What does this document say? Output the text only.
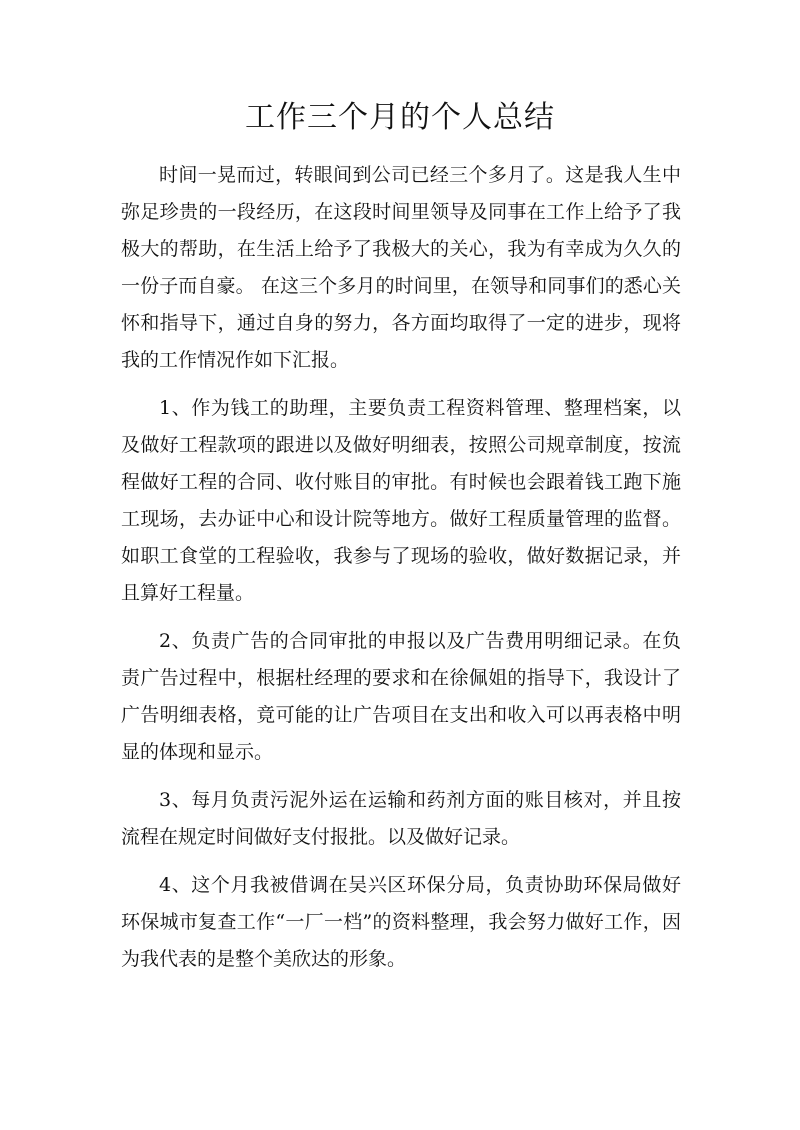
工作三个月的个人总结

时间一晃而过，转眼间到公司已经三个多月了。这是我人生中弥足珍贵的一段经历，在这段时间里领导及同事在工作上给予了我极大的帮助，在生活上给予了我极大的关心，我为有幸成为久久的一份子而自豪。 在这三个多月的时间里，在领导和同事们的悉心关怀和指导下，通过自身的努力，各方面均取得了一定的进步，现将我的工作情况作如下汇报。

1、作为钱工的助理，主要负责工程资料管理、整理档案，以及做好工程款项的跟进以及做好明细表，按照公司规章制度，按流程做好工程的合同、收付账目的审批。有时候也会跟着钱工跑下施工现场，去办证中心和设计院等地方。做好工程质量管理的监督。如职工食堂的工程验收，我参与了现场的验收，做好数据记录，并且算好工程量。

2、负责广告的合同审批的申报以及广告费用明细记录。在负责广告过程中，根据杜经理的要求和在徐佩姐的指导下，我设计了广告明细表格，竟可能的让广告项目在支出和收入可以再表格中明显的体现和显示。

3、每月负责污泥外运在运输和药剂方面的账目核对，并且按流程在规定时间做好支付报批。以及做好记录。

4、这个月我被借调在吴兴区环保分局，负责协助环保局做好环保城市复查工作“一厂一档”的资料整理，我会努力做好工作，因为我代表的是整个美欣达的形象。
